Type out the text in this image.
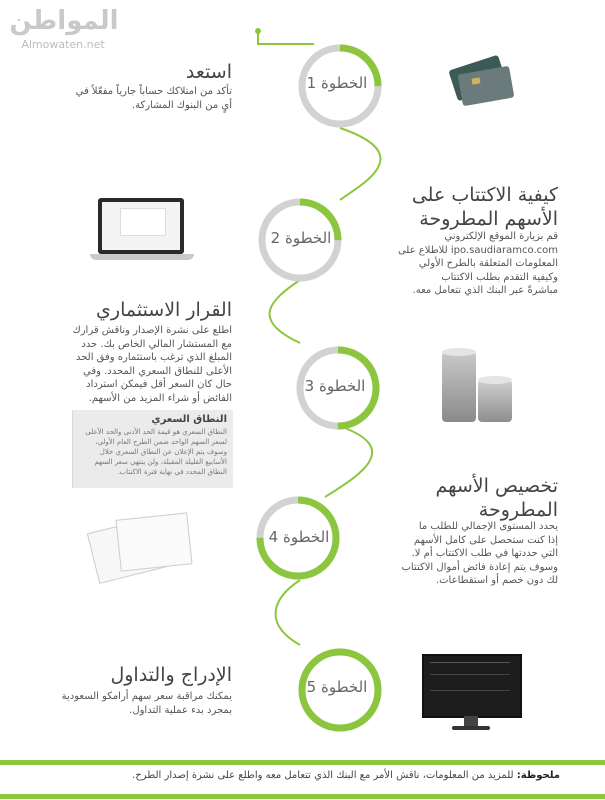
المواطن
Almowaten.net
الخطوة 1
استعد
تأكد من امتلاكك حساباً جارياً مفعّلاً في
أيٍ من البنوك المشاركة.
الخطوة 2
كيفية الاكتتاب على
الأسهم المطروحة
قم بزيارة الموقع الإلكتروني
ipo.saudiaramco.com للاطلاع على
المعلومات المتعلقة بالطرح الأولي
وكيفية التقدم بطلب الاكتتاب
مباشرةً عبر البنك الذي تتعامل معه.
الخطوة 3
القرار الاستثماري
اطلع على نشرة الإصدار وناقش قرارك
مع المستشار المالي الخاص بك. حدد
المبلغ الذي ترغب باستثماره وفق الحد
الأعلى للنطاق السعري المحدد. وفي
حال كان السعر أقل فيمكن استرداد
الفائض أو شراء المزيد من الأسهم.
النطاق السعري
النطاق السعري هو قيمة الحد الأدنى والحد الأعلى
لسعر السهم الواحد ضمن الطرح العام الأولي،
وسوف يتم الإعلان عن النطاق السعري خلال
الأسابيع القليلة المقبلة، ولن ينتهي سعر السهم
النطاق المحدد في نهاية فترة الاكتتاب.
الخطوة 4
تخصيص الأسهم
المطروحة
يحدد المستوى الإجمالي للطلب ما
إذا كنت ستحصل على كامل الأسهم
التي حددتها في طلب الاكتتاب أم لا.
وسوف يتم إعادة فائض أموال الاكتتاب
لك دون خصم أو استقطاعات.
الخطوة 5
الإدراج والتداول
يمكنك مراقبة سعر سهم أرامكو السعودية
بمجرد بدء عملية التداول.
ملحوظة: للمزيد من المعلومات، ناقش الأمر مع البنك الذي تتعامل معه واطلع على نشرة إصدار الطرح.
